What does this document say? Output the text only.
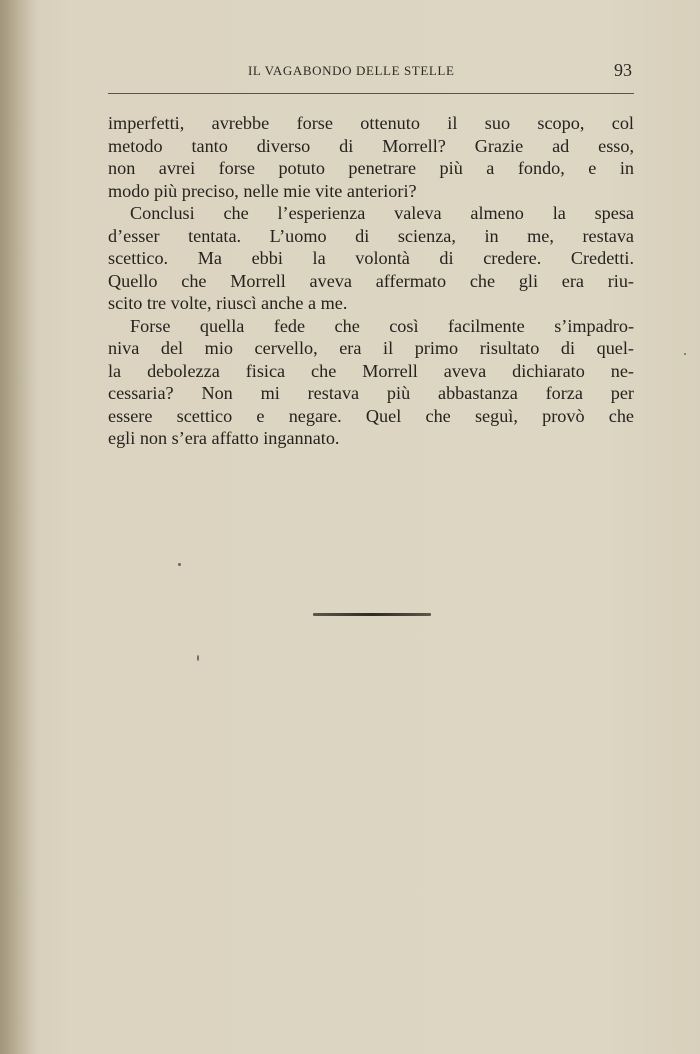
IL VAGABONDO DELLE STELLE	93
imperfetti, avrebbe forse ottenuto il suo scopo, col
metodo tanto diverso di Morrell? Grazie ad esso,
non avrei forse potuto penetrare più a fondo, e in
modo più preciso, nelle mie vite anteriori?
Conclusi che l’esperienza valeva almeno la spesa
d’esser tentata. L’uomo di scienza, in me, restava
scettico. Ma ebbi la volontà di credere. Credetti.
Quello che Morrell aveva affermato che gli era riu-
scito tre volte, riuscì anche a me.
Forse quella fede che così facilmente s’impadro-
niva del mio cervello, era il primo risultato di quel-
la debolezza fisica che Morrell aveva dichiarato ne-
cessaria? Non mi restava più abbastanza forza per
essere scettico e negare. Quel che seguì, provò che
egli non s’era affatto ingannato.
